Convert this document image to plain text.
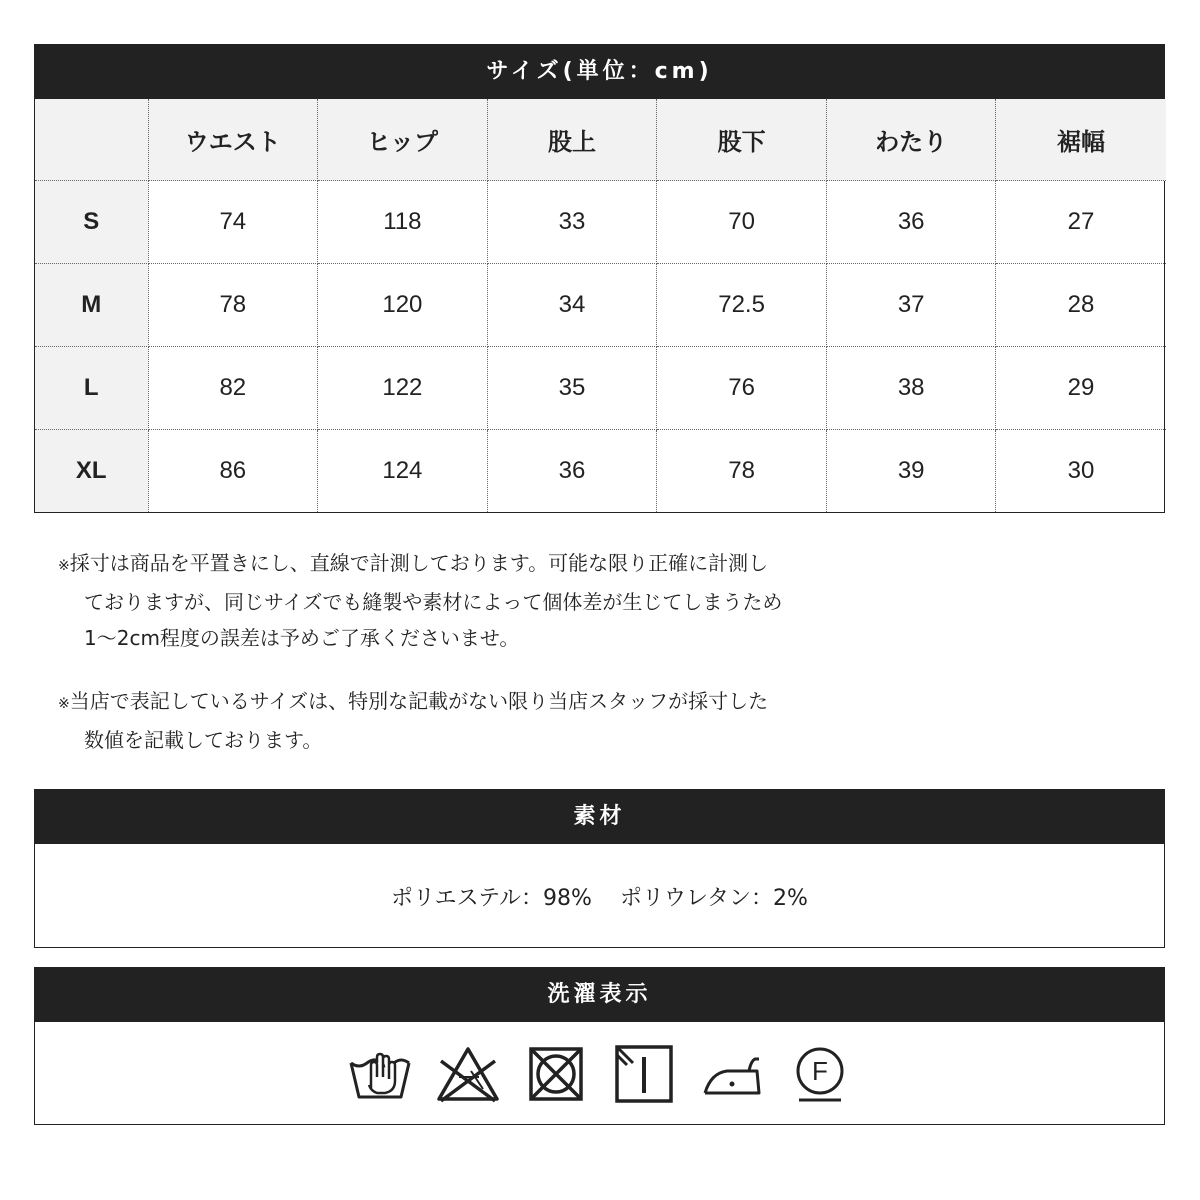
サイズ(単位：cm)
	ウエスト	ヒップ	股上	股下	わたり	裾幅
S	74	118	33	70	36	27
M	78	120	34	72.5	37	28
L	82	122	35	76	38	29
XL	86	124	36	78	39	30
※採寸は商品を平置きにし、直線で計測しております。可能な限り正確に計測し
ておりますが、同じサイズでも縫製や素材によって個体差が生じてしまうため
1〜2cm程度の誤差は予めご了承くださいませ。
※当店で表記しているサイズは、特別な記載がない限り当店スタッフが採寸した
数値を記載しております。
素材
ポリエステル：98% ポリウレタン：2%
洗濯表示
F
